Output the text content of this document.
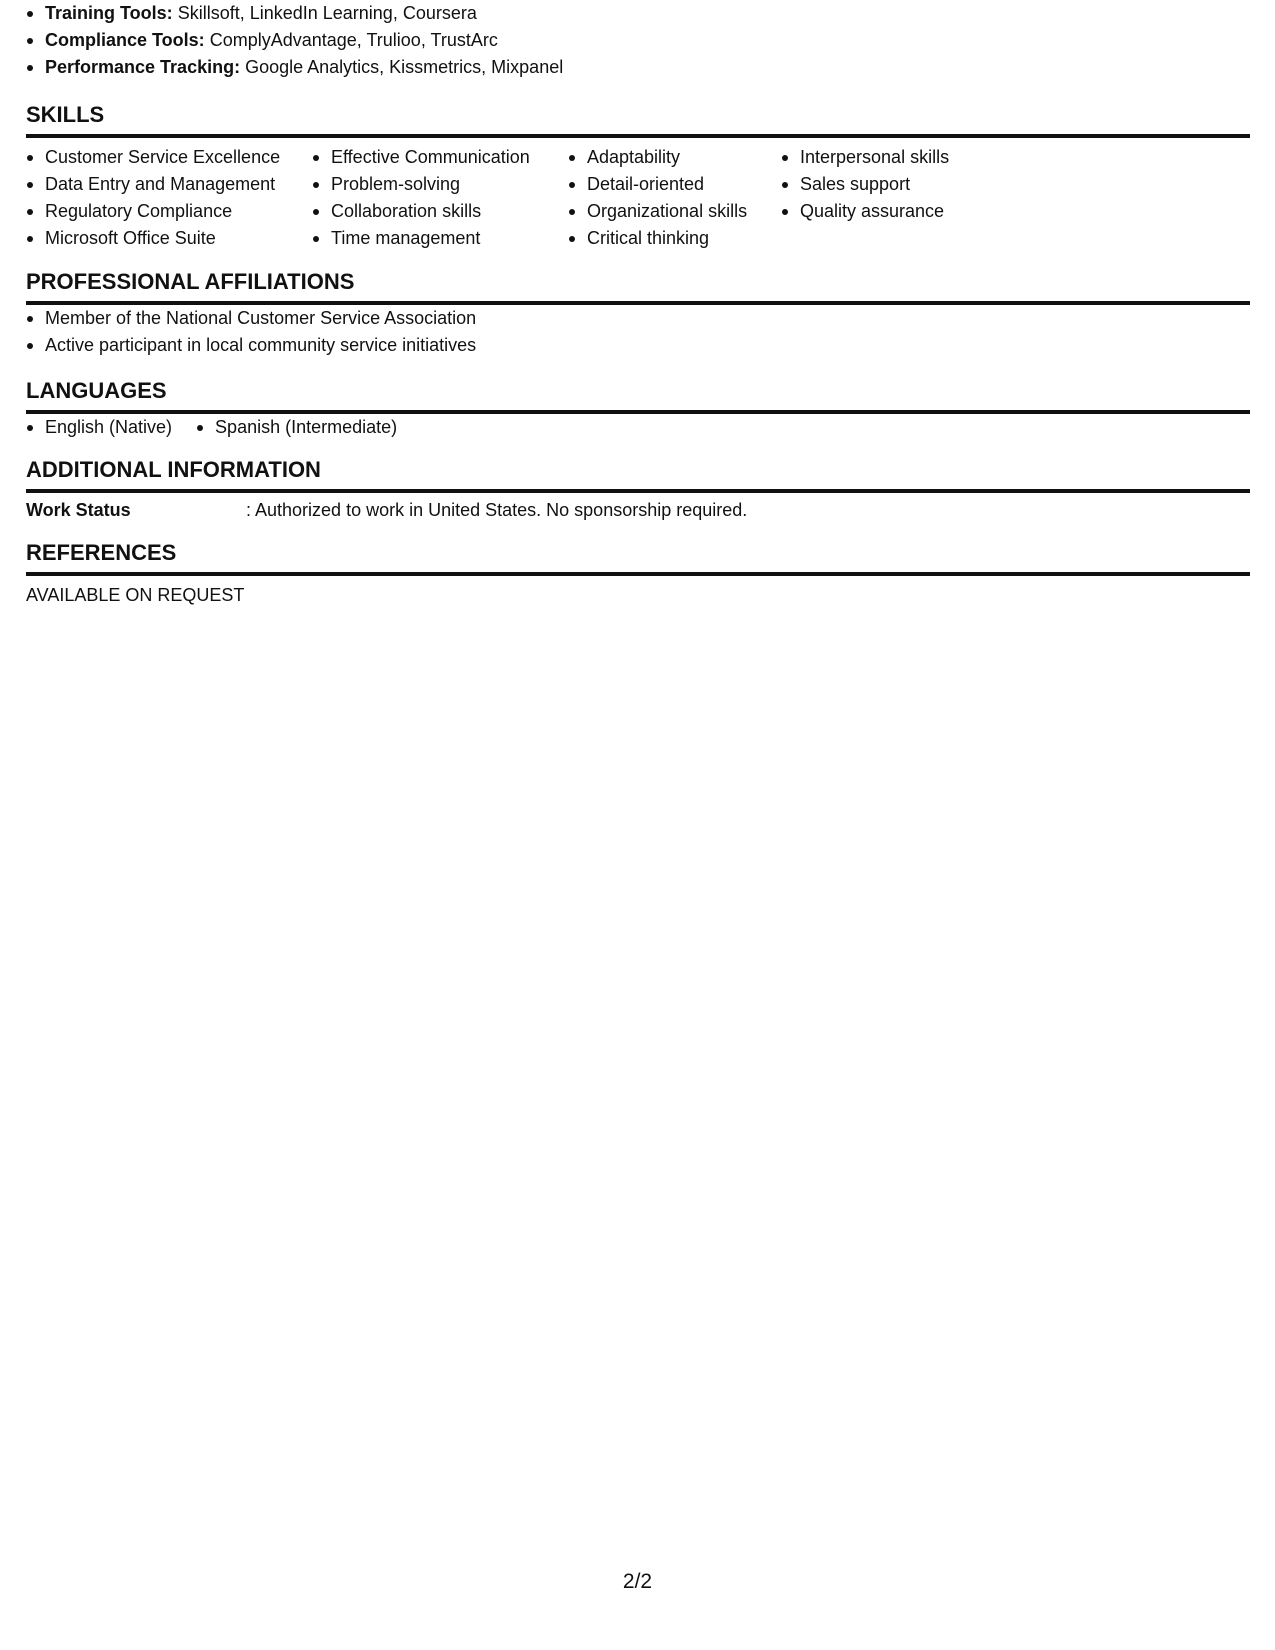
Training Tools: Skillsoft, LinkedIn Learning, Coursera
Compliance Tools: ComplyAdvantage, Trulioo, TrustArc
Performance Tracking: Google Analytics, Kissmetrics, Mixpanel
SKILLS
Customer Service Excellence
Data Entry and Management
Regulatory Compliance
Microsoft Office Suite
Effective Communication
Problem-solving
Collaboration skills
Time management
Adaptability
Detail-oriented
Organizational skills
Critical thinking
Interpersonal skills
Sales support
Quality assurance
PROFESSIONAL AFFILIATIONS
Member of the National Customer Service Association
Active participant in local community service initiatives
LANGUAGES
English (Native)	Spanish (Intermediate)
ADDITIONAL INFORMATION
Work Status	: Authorized to work in United States. No sponsorship required.
REFERENCES
AVAILABLE ON REQUEST
2/2
